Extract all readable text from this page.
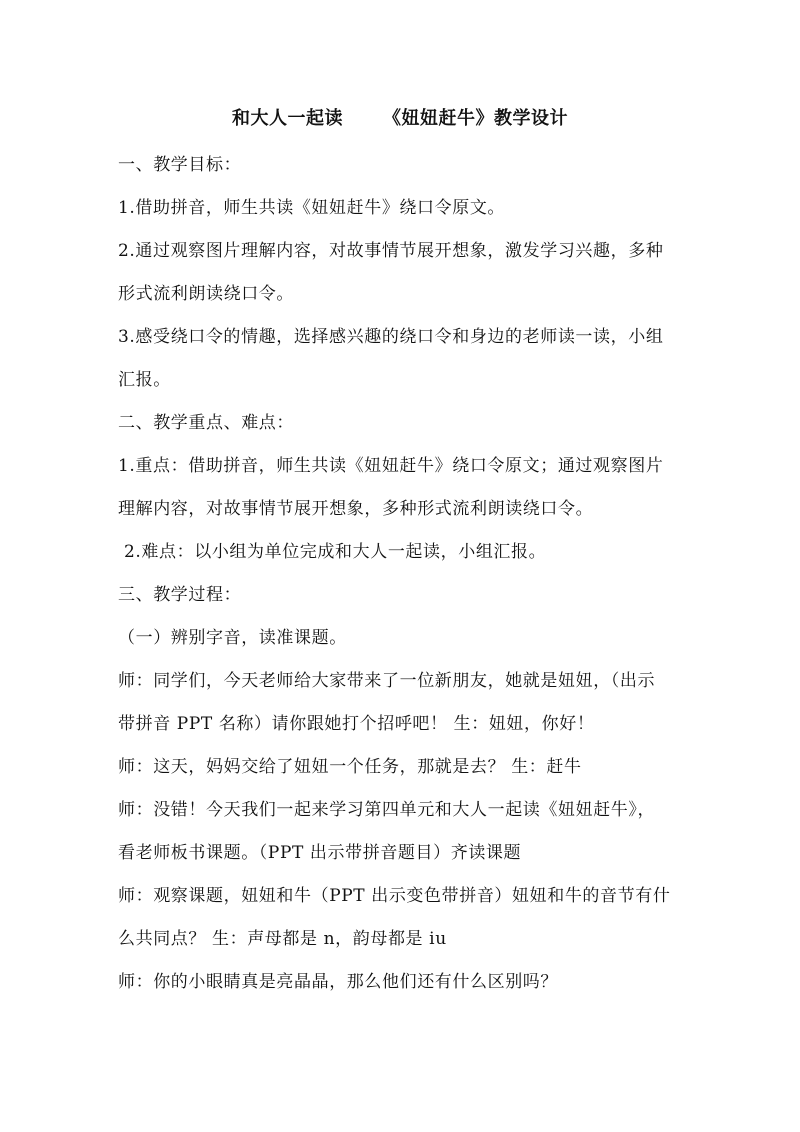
和大人一起读 《妞妞赶牛》教学设计
一、教学目标：
1.借助拼音，师生共读《妞妞赶牛》绕口令原文。
2.通过观察图片理解内容，对故事情节展开想象，激发学习兴趣，多种
形式流利朗读绕口令。
3.感受绕口令的情趣，选择感兴趣的绕口令和身边的老师读一读，小组
汇报。
二、教学重点、难点：
1.重点：借助拼音，师生共读《妞妞赶牛》绕口令原文；通过观察图片
理解内容，对故事情节展开想象，多种形式流利朗读绕口令。
2.难点：以小组为单位完成和大人一起读，小组汇报。
三、教学过程：
（一）辨别字音，读准课题。
师：同学们，今天老师给大家带来了一位新朋友，她就是妞妞，（出示
带拼音 PPT 名称）请你跟她打个招呼吧！ 生：妞妞，你好！
师：这天，妈妈交给了妞妞一个任务，那就是去？ 生：赶牛
师：没错！今天我们一起来学习第四单元和大人一起读《妞妞赶牛》，
看老师板书课题。（PPT 出示带拼音题目）齐读课题
师：观察课题，妞妞和牛（PPT 出示变色带拼音）妞妞和牛的音节有什
么共同点？ 生：声母都是 n，韵母都是 iu
师：你的小眼睛真是亮晶晶，那么他们还有什么区别吗？
